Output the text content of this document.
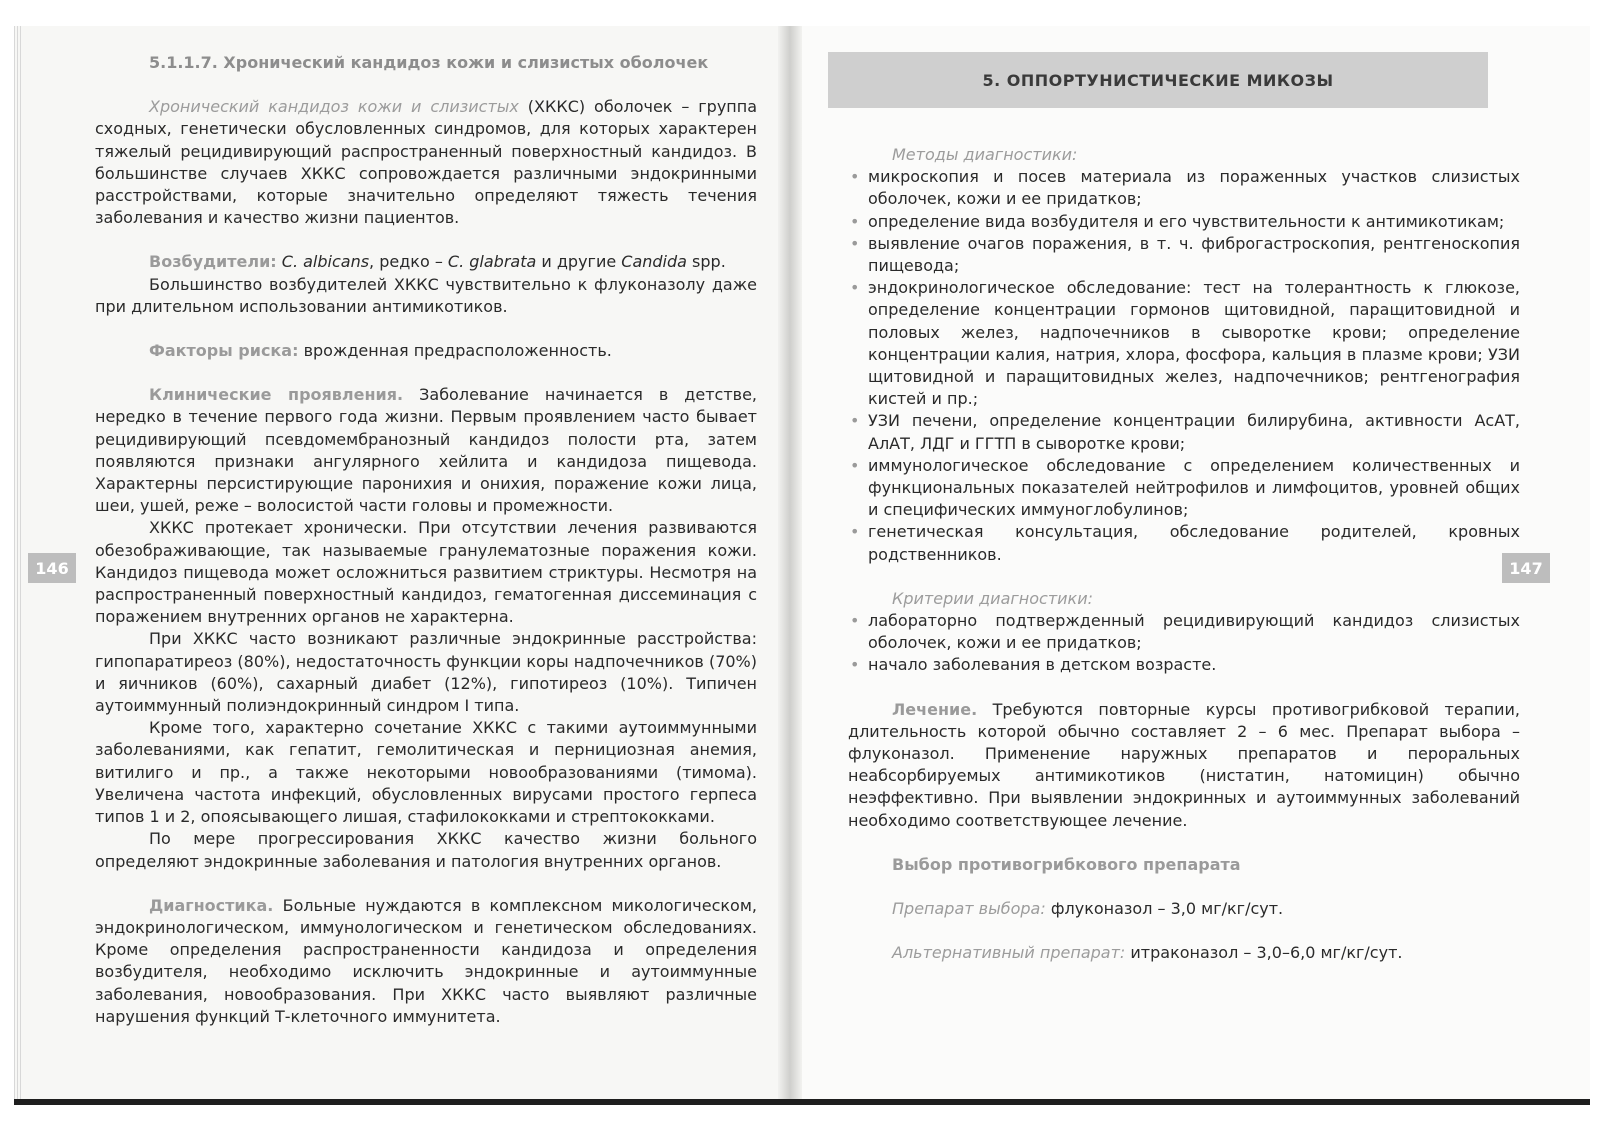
5.1.1.7. Хронический кандидоз кожи и слизистых оболочек

Хронический кандидоз кожи и слизистых (ХККС) оболочек – группа сходных, генетически обусловленных синдромов, для которых характерен тяжелый рецидивирующий распространенный поверхностный кандидоз. В большинстве случаев ХККС сопровождается различными эндокринными расстройствами, которые значительно определяют тяжесть течения заболевания и качество жизни пациентов.

Возбудители: C. albicans, редко – C. glabrata и другие Candida spp.

Большинство возбудителей ХККС чувствительно к флуконазолу даже при длительном использовании антимикотиков.

Факторы риска: врожденная предрасположенность.

Клинические проявления. Заболевание начинается в детстве, нередко в течение первого года жизни. Первым проявлением часто бывает рецидивирующий псевдомембранозный кандидоз полости рта, затем появляются признаки ангулярного хейлита и кандидоза пищевода. Характерны персистирующие паронихия и онихия, поражение кожи лица, шеи, ушей, реже – волосистой части головы и промежности.

ХККС протекает хронически. При отсутствии лечения развиваются обезображивающие, так называемые гранулематозные поражения кожи. Кандидоз пищевода может осложниться развитием стриктуры. Несмотря на распространенный поверхностный кандидоз, гематогенная диссеминация с поражением внутренних органов не характерна.

При ХККС часто возникают различные эндокринные расстройства: гипопаратиреоз (80%), недостаточность функции коры надпочечников (70%) и яичников (60%), сахарный диабет (12%), гипотиреоз (10%). Типичен аутоиммунный полиэндокринный синдром I типа.

Кроме того, характерно сочетание ХККС с такими аутоиммунными заболеваниями, как гепатит, гемолитическая и пернициозная анемия, витилиго и пр., а также некоторыми новообразованиями (тимома). Увеличена частота инфекций, обусловленных вирусами простого герпеса типов 1 и 2, опоясывающего лишая, стафилококками и стрептококками.

По мере прогрессирования ХККС качество жизни больного определяют эндокринные заболевания и патология внутренних органов.

Диагностика. Больные нуждаются в комплексном микологическом, эндокринологическом, иммунологическом и генетическом обследованиях. Кроме определения распространенности кандидоза и определения возбудителя, необходимо исключить эндокринные и аутоиммунные заболевания, новообразования. При ХККС часто выявляют различные нарушения функций Т-клеточного иммунитета.

5. ОППОРТУНИСТИЧЕСКИЕ МИКОЗЫ
Методы диагностики:
• микроскопия и посев материала из пораженных участков слизистых оболочек, кожи и ее придатков;
• определение вида возбудителя и его чувствительности к антимикотикам;
• выявление очагов поражения, в т. ч. фиброгастроскопия, рентгеноскопия пищевода;
• эндокринологическое обследование: тест на толерантность к глюкозе, определение концентрации гормонов щитовидной, паращитовидной и половых желез, надпочечников в сыворотке крови; определение концентрации калия, натрия, хлора, фосфора, кальция в плазме крови; УЗИ щитовидной и паращитовидных желез, надпочечников; рентгенография кистей и пр.;
• УЗИ печени, определение концентрации билирубина, активности АсАТ, АлАТ, ЛДГ и ГГТП в сыворотке крови;
• иммунологическое обследование с определением количественных и функциональных показателей нейтрофилов и лимфоцитов, уровней общих и специфических иммуноглобулинов;
• генетическая консультация, обследование родителей, кровных родственников.
Критерии диагностики:
• лабораторно подтвержденный рецидивирующий кандидоз слизистых оболочек, кожи и ее придатков;
• начало заболевания в детском возрасте.

Лечение. Требуются повторные курсы противогрибковой терапии, длительность которой обычно составляет 2 – 6 мес. Препарат выбора – флуконазол. Применение наружных препаратов и пероральных неабсорбируемых антимикотиков (нистатин, натомицин) обычно неэффективно. При выявлении эндокринных и аутоиммунных заболеваний необходимо соответствующее лечение.

Выбор противогрибкового препарата

Препарат выбора: флуконазол – 3,0 мг/кг/сут.

Альтернативный препарат: итраконазол – 3,0–6,0 мг/кг/сут.

146	147
